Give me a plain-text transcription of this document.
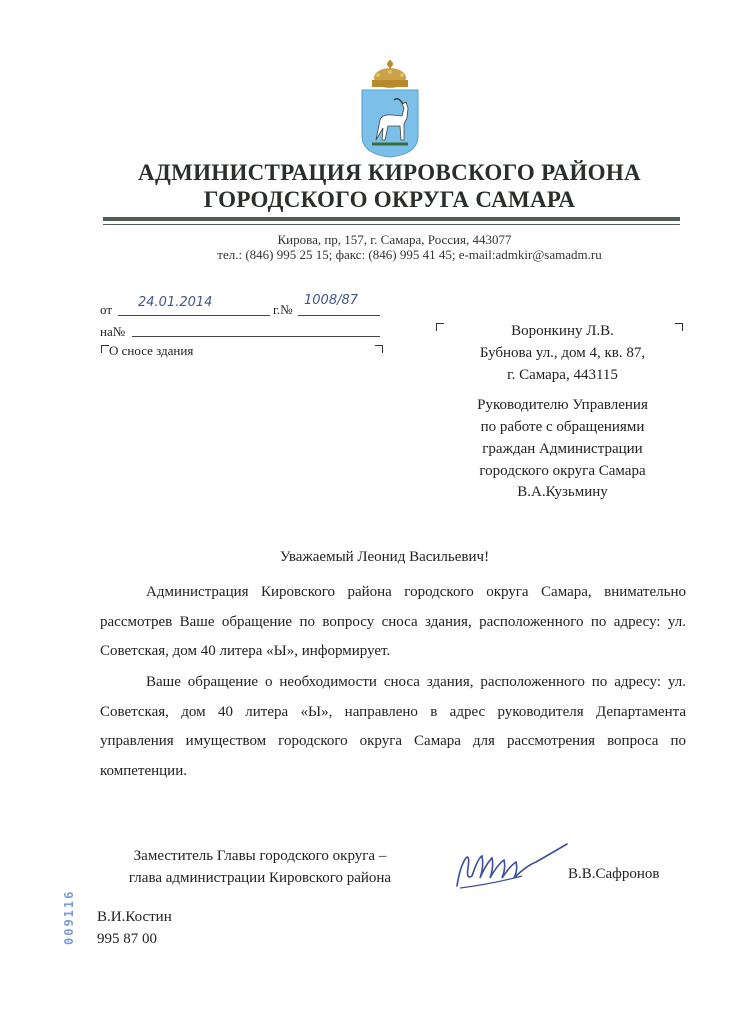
АДМИНИСТРАЦИЯ КИРОВСКОГО РАЙОНА
ГОРОДСКОГО ОКРУГА САМАРА
Кирова, пр, 157, г. Самара, Россия, 443077
тел.: (846) 995 25 15; факс: (846) 995 41 45; e-mail:admkir@samadm.ru
от 24.01.2014	г.№
1008/87
на№
О сносе здания
Воронкину Л.В.
Бубнова ул., дом 4, кв. 87,
г. Самара, 443115
Руководителю Управления
по работе с обращениями
граждан Администрации
городского округа Самара
В.А.Кузьмину
Уважаемый Леонид Васильевич!
Администрация Кировского района городского округа Самара, внимательно рассмотрев Ваше обращение по вопросу сноса здания, расположенного по адресу: ул. Советская, дом 40 литера «Ы», информирует.
Ваше обращение о необходимости сноса здания, расположенного по адресу: ул. Советская, дом 40 литера «Ы», направлено в адрес руководителя Департамента управления имуществом городского округа Самара для рассмотрения вопроса по компетенции.
Заместитель Главы городского округа –
глава администрации Кировского района	В.В.Сафронов
В.И.Костин
995 87 00
009116
